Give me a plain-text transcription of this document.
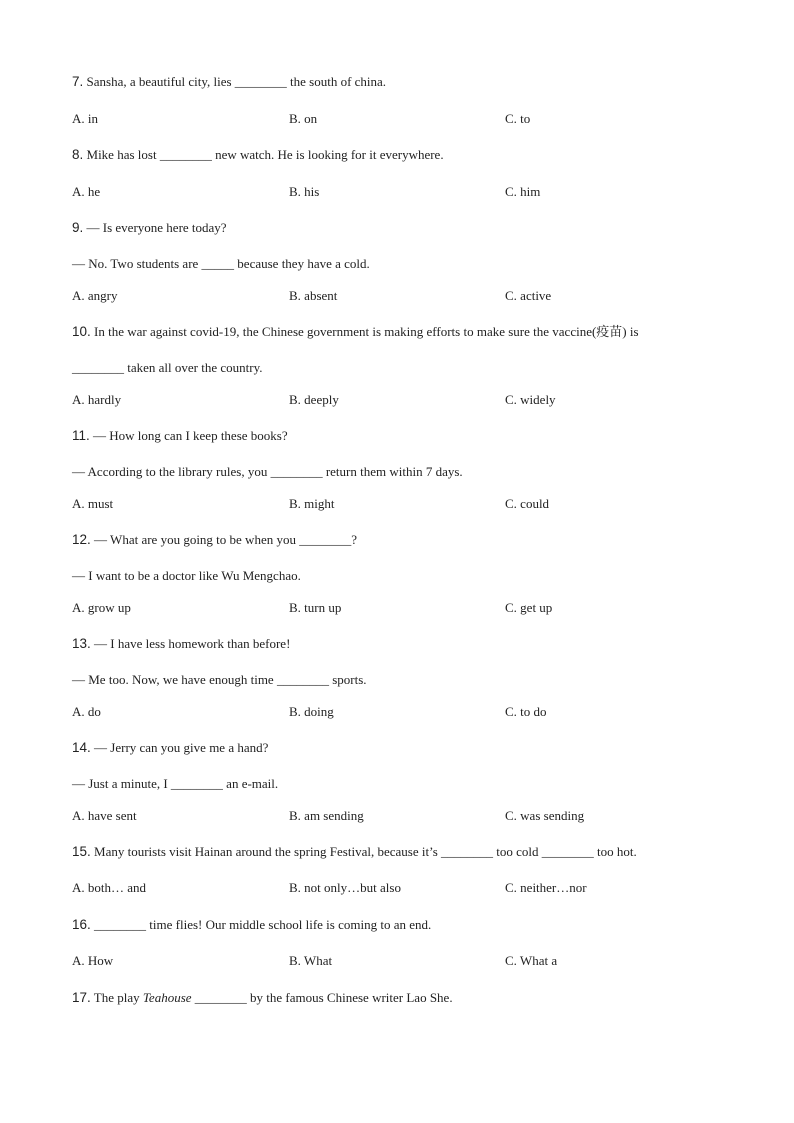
7. Sansha, a beautiful city, lies ________ the south of china.
A. in	B. on	C. to
8. Mike has lost ________ new watch. He is looking for it everywhere.
A. he	B. his	C. him
9. — Is everyone here today?
— No. Two students are _____ because they have a cold.
A. angry	B. absent	C. active
10. In the war against covid-19, the Chinese government is making efforts to make sure the vaccine(疫苗) is
________ taken all over the country.
A. hardly	B. deeply	C. widely
11. — How long can I keep these books?
— According to the library rules, you ________ return them within 7 days.
A. must	B. might	C. could
12. — What are you going to be when you ________?
— I want to be a doctor like Wu Mengchao.
A. grow up	B. turn up	C. get up
13. — I have less homework than before!
— Me too. Now, we have enough time ________ sports.
A. do	B. doing	C. to do
14. — Jerry can you give me a hand?
— Just a minute, I ________ an e-mail.
A. have sent	B. am sending	C. was sending
15. Many tourists visit Hainan around the spring Festival, because it’s ________ too cold ________ too hot.
A. both… and	B. not only…but also	C. neither…nor
16. ________ time flies! Our middle school life is coming to an end.
A. How	B. What	C. What a
17. The play Teahouse ________ by the famous Chinese writer Lao She.
